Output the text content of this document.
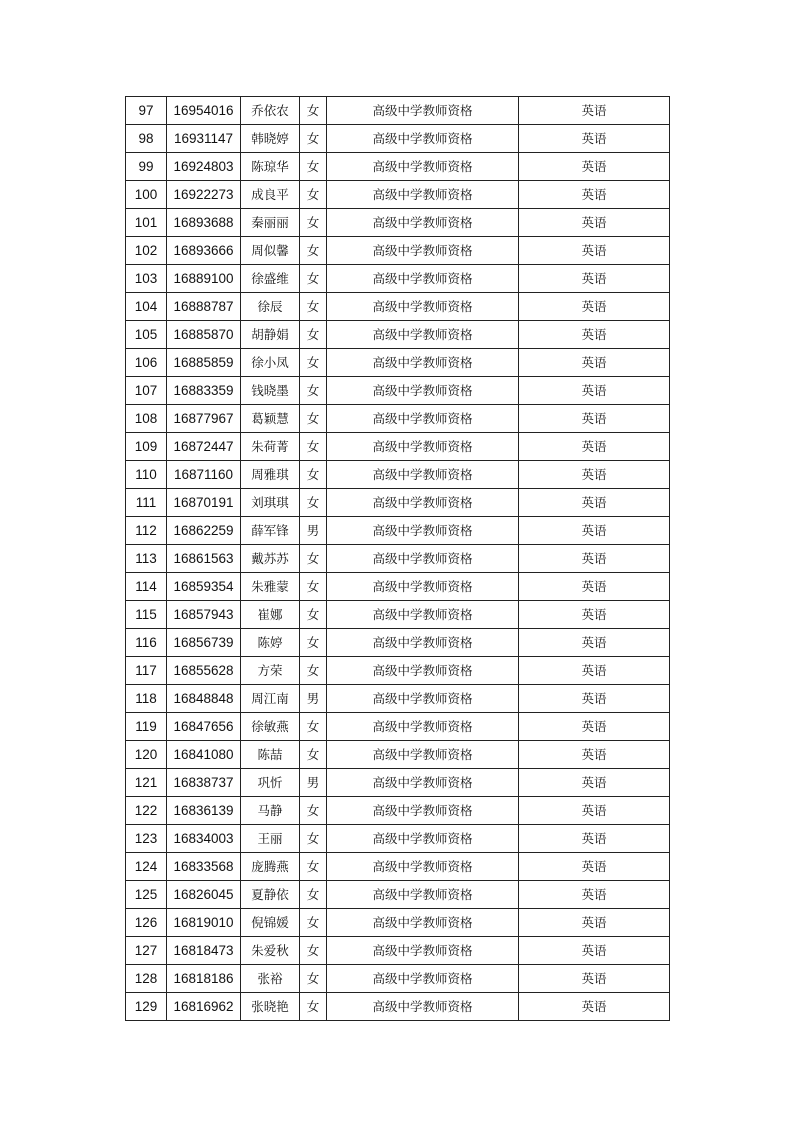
97	16954016	乔依农	女	高级中学教师资格	英语
98	16931147	韩晓婷	女	高级中学教师资格	英语
99	16924803	陈琼华	女	高级中学教师资格	英语
100	16922273	成良平	女	高级中学教师资格	英语
101	16893688	秦丽丽	女	高级中学教师资格	英语
102	16893666	周似馨	女	高级中学教师资格	英语
103	16889100	徐盛维	女	高级中学教师资格	英语
104	16888787	徐辰	女	高级中学教师资格	英语
105	16885870	胡静娟	女	高级中学教师资格	英语
106	16885859	徐小凤	女	高级中学教师资格	英语
107	16883359	钱晓墨	女	高级中学教师资格	英语
108	16877967	葛颖慧	女	高级中学教师资格	英语
109	16872447	朱荷菁	女	高级中学教师资格	英语
110	16871160	周雅琪	女	高级中学教师资格	英语
111	16870191	刘琪琪	女	高级中学教师资格	英语
112	16862259	薛军锋	男	高级中学教师资格	英语
113	16861563	戴苏苏	女	高级中学教师资格	英语
114	16859354	朱雅蒙	女	高级中学教师资格	英语
115	16857943	崔娜	女	高级中学教师资格	英语
116	16856739	陈婷	女	高级中学教师资格	英语
117	16855628	方荣	女	高级中学教师资格	英语
118	16848848	周江南	男	高级中学教师资格	英语
119	16847656	徐敏燕	女	高级中学教师资格	英语
120	16841080	陈喆	女	高级中学教师资格	英语
121	16838737	巩忻	男	高级中学教师资格	英语
122	16836139	马静	女	高级中学教师资格	英语
123	16834003	王丽	女	高级中学教师资格	英语
124	16833568	庞腾燕	女	高级中学教师资格	英语
125	16826045	夏静依	女	高级中学教师资格	英语
126	16819010	倪锦媛	女	高级中学教师资格	英语
127	16818473	朱爱秋	女	高级中学教师资格	英语
128	16818186	张裕	女	高级中学教师资格	英语
129	16816962	张晓艳	女	高级中学教师资格	英语
